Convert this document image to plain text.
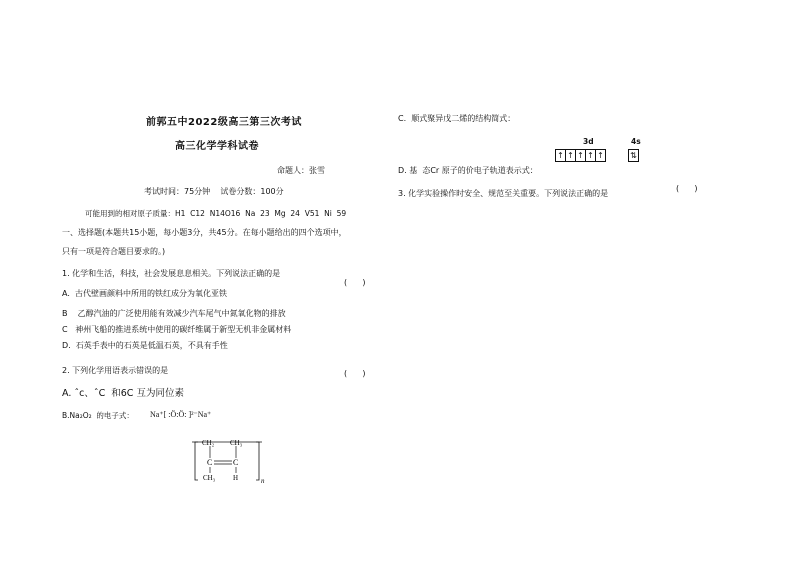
前郭五中2022级高三第三次考试
高三化学学科试卷
命题人：张雪
考试时间：75分钟    试卷分数：100分
可能用到的相对原子质量：H1  C12  N14O16  Na  23  Mg  24  V51  Ni  59
一、选择题(本题共15小题，每小题3分，共45分。在每小题给出的四个选项中，
只有一项是符合题目要求的。)
1. 化学和生活，科技，社会发展息息相关。下列说法正确的是
(      )
A.  古代壁画颜料中所用的铁红成分为氧化亚铁
B    乙醇汽油的广泛使用能有效减少汽车尾气中氮氧化物的排放
C   神州飞船的推进系统中使用的碳纤维属于新型无机非金属材料
D.  石英手表中的石英是低温石英，不具有手性
2. 下列化学用语表示错误的是	(      )
A. ˆc、ˆC  和6C 互为同位素
B.Na₂O₂  的电子式： Na⁺[ :Ö:Ö: ]²⁻Na⁺
CH₂ CH₃
C	C
CH₃	H	n
C.  顺式聚异戊二烯的结构简式：
3d	4s
↑ ↑ ↑ ↑ ↑	⇅
D. 基  态Cr 原子的价电子轨道表示式：
3. 化学实验操作时安全、规范至关重要。下列说法正确的是
(      )
